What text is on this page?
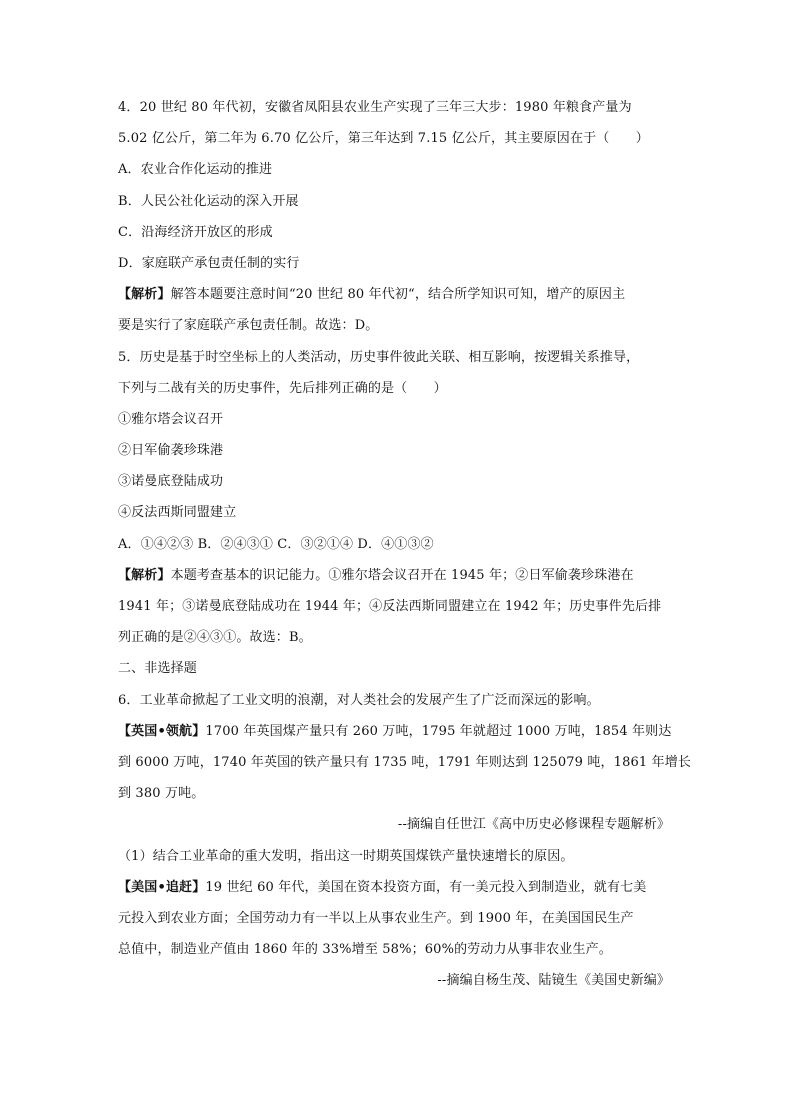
4．20 世纪 80 年代初，安徽省凤阳县农业生产实现了三年三大步：1980 年粮食产量为
5.02 亿公斤，第二年为 6.70 亿公斤，第三年达到 7.15 亿公斤，其主要原因在于（　　）
A．农业合作化运动的推进
B．人民公社化运动的深入开展
C．沿海经济开放区的形成
D．家庭联产承包责任制的实行
【解析】解答本题要注意时间“20 世纪 80 年代初“，结合所学知识可知，增产的原因主
要是实行了家庭联产承包责任制。故选：D。
5．历史是基于时空坐标上的人类活动，历史事件彼此关联、相互影响，按逻辑关系推导，
下列与二战有关的历史事件，先后排列正确的是（　　）
①雅尔塔会议召开
②日军偷袭珍珠港
③诺曼底登陆成功
④反法西斯同盟建立
A．①④②③ B．②④③① C．③②①④ D．④①③②
【解析】本题考查基本的识记能力。①雅尔塔会议召开在 1945 年；②日军偷袭珍珠港在
1941 年；③诺曼底登陆成功在 1944 年；④反法西斯同盟建立在 1942 年；历史事件先后排
列正确的是②④③①。故选：B。
二、非选择题
6．工业革命掀起了工业文明的浪潮，对人类社会的发展产生了广泛而深远的影响。
【英国•领航】1700 年英国煤产量只有 260 万吨，1795 年就超过 1000 万吨，1854 年则达
到 6000 万吨，1740 年英国的铁产量只有 1735 吨，1791 年则达到 125079 吨，1861 年增长
到 380 万吨。
--摘编自任世江《高中历史必修课程专题解析》
（1）结合工业革命的重大发明，指出这一时期英国煤铁产量快速增长的原因。
【美国•追赶】19 世纪 60 年代，美国在资本投资方面，有一美元投入到制造业，就有七美
元投入到农业方面；全国劳动力有一半以上从事农业生产。到 1900 年，在美国国民生产
总值中，制造业产值由 1860 年的 33%增至 58%；60%的劳动力从事非农业生产。
--摘编自杨生茂、陆镜生《美国史新编》
